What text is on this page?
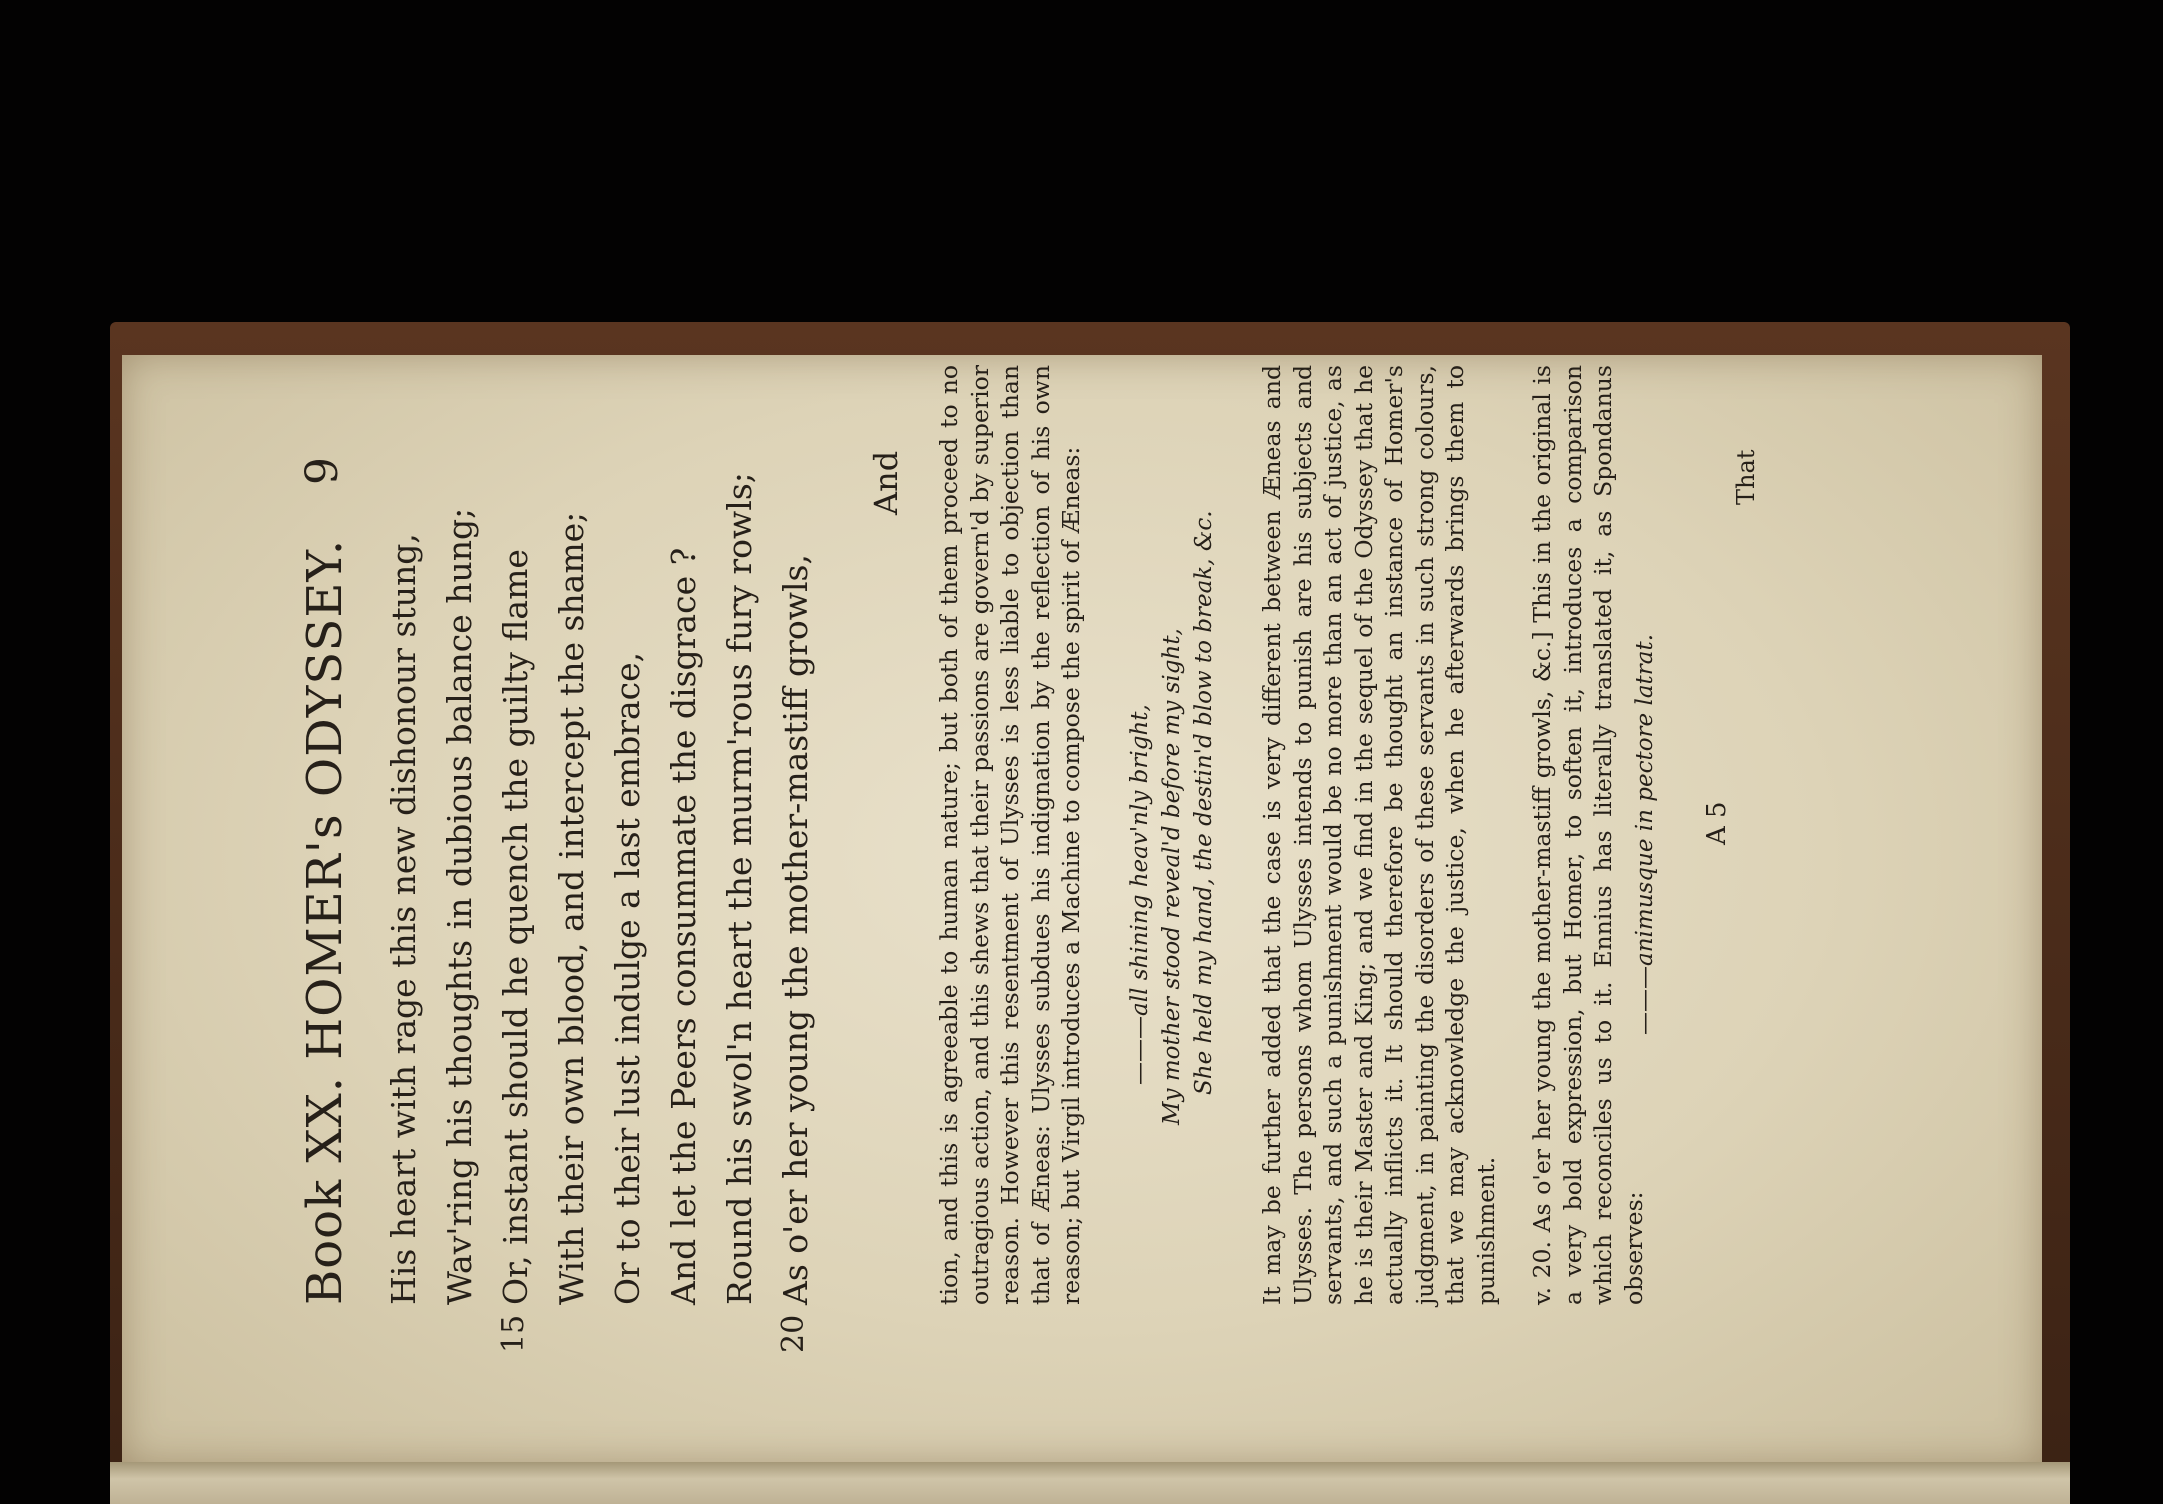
Book XX. HOMER's ODYSSEY.
9
His heart with rage this new dishonour stung, Wav'ring his thoughts in dubious balance hung;
15
Or, instant should he quench the guilty flame With their own blood, and intercept the shame; Or to their lust indulge a last embrace, And let the Peers consummate the disgrace ? Round his swol'n heart the murm'rous fury rowls;
20
As o'er her young the mother-mastiff growls,
And tion, and this is agreeable to human nature; but both of them proceed to no outragious action, and this shews that their passions are govern'd by superior reason. However this resentment of Ulysses is less liable to objection than that of Æneas: Ulysses subdues his indignation by the reflection of his own reason; but Virgil introduces a Machine to compose the spirit of Æneas: ———all shining heav'nly bright, My mother stood reveal'd before my sight, She held my hand, the destin'd blow to break, &c. It may be further added that the case is very different between Æneas and Ulysses. The persons whom Ulysses intends to punish are his subjects and servants, and such a punishment would be no more than an act of justice, as he is their Master and King; and we find in the sequel of the Odyssey that he actually inflicts it. It should therefore be thought an instance of Homer's judgment, in painting the disorders of these servants in such strong colours, that we may acknowledge the justice, when he afterwards brings them to punishment. v. 20. As o'er her young the mother-mastiff growls, &c.] This in the original is a very bold expression, but Homer, to soften it, introduces a comparison which reconciles us to it. Ennius has literally translated it, as Spondanus observes:
———animusque in pectore latrat. A 5
That
